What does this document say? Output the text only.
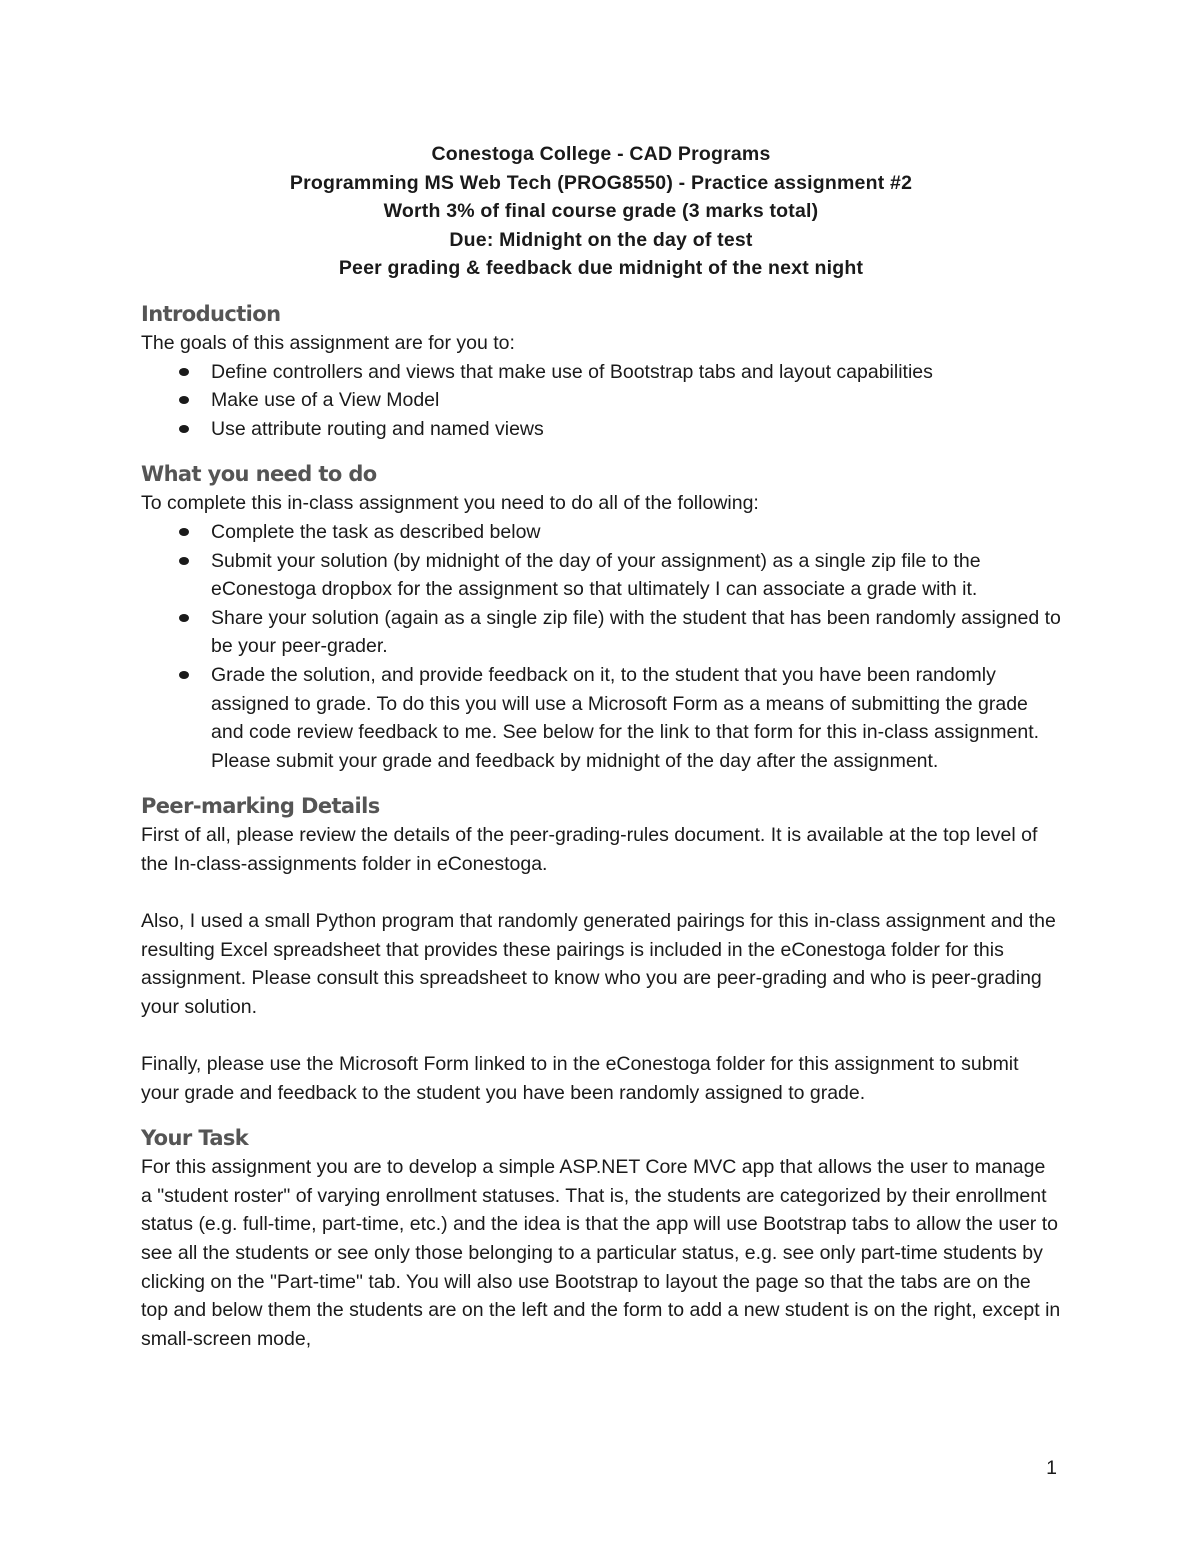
Conestoga College - CAD Programs
Programming MS Web Tech (PROG8550) - Practice assignment #2
Worth 3% of final course grade (3 marks total)
Due: Midnight on the day of test
Peer grading & feedback due midnight of the next night
Introduction

The goals of this assignment are for you to:

Define controllers and views that make use of Bootstrap tabs and layout capabilities
Make use of a View Model
Use attribute routing and named views
What you need to do

To complete this in-class assignment you need to do all of the following:

Complete the task as described below
Submit your solution (by midnight of the day of your assignment) as a single zip file to the eConestoga dropbox for the assignment so that ultimately I can associate a grade with it.
Share your solution (again as a single zip file) with the student that has been randomly assigned to be your peer-grader.
Grade the solution, and provide feedback on it, to the student that you have been randomly assigned to grade. To do this you will use a Microsoft Form as a means of submitting the grade and code review feedback to me. See below for the link to that form for this in-class assignment. Please submit your grade and feedback by midnight of the day after the assignment.
Peer-marking Details

First of all, please review the details of the peer-grading-rules document. It is available at the top level of the In-class-assignments folder in eConestoga.

Also, I used a small Python program that randomly generated pairings for this in-class assignment and the resulting Excel spreadsheet that provides these pairings is included in the eConestoga folder for this assignment. Please consult this spreadsheet to know who you are peer-grading and who is peer-grading your solution.

Finally, please use the Microsoft Form linked to in the eConestoga folder for this assignment to submit your grade and feedback to the student you have been randomly assigned to grade.

Your Task

For this assignment you are to develop a simple ASP.NET Core MVC app that allows the user to manage a "student roster" of varying enrollment statuses. That is, the students are categorized by their enrollment status (e.g. full-time, part-time, etc.) and the idea is that the app will use Bootstrap tabs to allow the user to see all the students or see only those belonging to a particular status, e.g. see only part-time students by clicking on the "Part-time" tab. You will also use Bootstrap to layout the page so that the tabs are on the top and below them the students are on the left and the form to add a new student is on the right, except in small-screen mode,

1
